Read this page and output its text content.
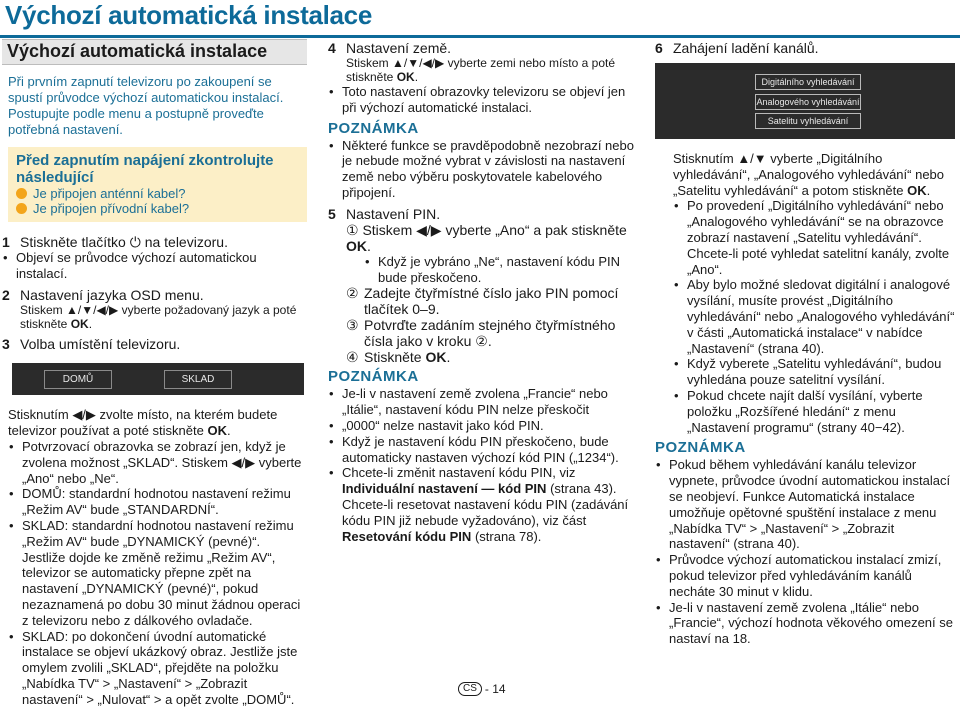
Výchozí automatická instalace
Výchozí automatická instalace
Při prvním zapnutí televizoru po zakoupení se spustí průvodce výchozí automatickou instalací. Postupujte podle menu a postupně proveďte potřebná nastavení.
Před zapnutím napájení zkontrolujte následující
Je připojen anténní kabel?
Je připojen přívodní kabel?
1 Stiskněte tlačítko ⏻ na televizoru.
• Objeví se průvodce výchozí automatickou instalací.
2 Nastavení jazyka OSD menu.
Stiskem ▲/▼/◀/▶ vyberte požadovaný jazyk a poté stiskněte OK.
3 Volba umístění televizoru.
DOMŮ	SKLAD
Stisknutím ◀/▶ zvolte místo, na kterém budete televizor používat a poté stiskněte OK.
• Potvrzovací obrazovka se zobrazí jen, když je zvolena možnost „SKLAD“. Stiskem ◀/▶ vyberte „Ano“ nebo „Ne“.
• DOMŮ: standardní hodnotou nastavení režimu „Režim AV“ bude „STANDARDNÍ“.
• SKLAD: standardní hodnotou nastavení režimu „Režim AV“ bude „DYNAMICKÝ (pevné)“. Jestliže dojde ke změně režimu „Režim AV“, televizor se automaticky přepne zpět na nastavení „DYNAMICKÝ (pevné)“, pokud nezaznamená po dobu 30 minut žádnou operaci z televizoru nebo z dálkového ovladače.
• SKLAD: po dokončení úvodní automatické instalace se objeví ukázkový obraz. Jestliže jste omylem zvolili „SKLAD“, přejděte na položku „Nabídka TV“ > „Nastavení“ > „Zobrazit nastavení“ > „Nulovat“ > a opět zvolte „DOMŮ“.
4 Nastavení země.
Stiskem ▲/▼/◀/▶ vyberte zemi nebo místo a poté stiskněte OK.
• Toto nastavení obrazovky televizoru se objeví jen při výchozí automatické instalaci.
POZNÁMKA
• Některé funkce se pravděpodobně nezobrazí nebo je nebude možné vybrat v závislosti na nastavení země nebo výběru poskytovatele kabelového připojení.
5 Nastavení PIN.
① Stiskem ◀/▶ vyberte „Ano“ a pak stiskněte OK.
• Když je vybráno „Ne“, nastavení kódu PIN bude přeskočeno.
② Zadejte čtyřmístné číslo jako PIN pomocí tlačítek 0–9.
③ Potvrďte zadáním stejného čtyřmístného čísla jako v kroku ②.
④ Stiskněte OK.
POZNÁMKA
• Je-li v nastavení země zvolena „Francie“ nebo „Itálie“, nastavení kódu PIN nelze přeskočit
• „0000“ nelze nastavit jako kód PIN.
• Když je nastavení kódu PIN přeskočeno, bude automaticky nastaven výchozí kód PIN („1234“).
• Chcete-li změnit nastavení kódu PIN, viz Individuální nastavení — kód PIN (strana 43). Chcete-li resetovat nastavení kódu PIN (zadávání kódu PIN již nebude vyžadováno), viz část Resetování kódu PIN (strana 78).
6 Zahájení ladění kanálů.
Digitálního vyhledávání
Analogového vyhledávání
Satelitu vyhledávání
Stisknutím ▲/▼ vyberte „Digitálního vyhledávání“, „Analogového vyhledávání“ nebo „Satelitu vyhledávání“ a potom stiskněte OK.
• Po provedení „Digitálního vyhledávání“ nebo „Analogového vyhledávání“ se na obrazovce zobrazí nastavení „Satelitu vyhledávání“. Chcete-li poté vyhledat satelitní kanály, zvolte „Ano“.
• Aby bylo možné sledovat digitální i analogové vysílání, musíte provést „Digitálního vyhledávání“ nebo „Analogového vyhledávání“ v části „Automatická instalace“ v nabídce „Nastavení“ (strana 40).
• Když vyberete „Satelitu vyhledávání“, budou vyhledána pouze satelitní vysílání.
• Pokud chcete najít další vysílání, vyberte položku „Rozšířené hledání“ z menu „Nastavení programu“ (strany 40−42).
POZNÁMKA
• Pokud během vyhledávání kanálu televizor vypnete, průvodce úvodní automatickou instalací se neobjeví. Funkce Automatická instalace umožňuje opětovné spuštění instalace z menu „Nabídka TV“ > „Nastavení“ > „Zobrazit nastavení“ (strana 40).
• Průvodce výchozí automatickou instalací zmizí, pokud televizor před vyhledáváním kanálů necháte 30 minut v klidu.
• Je-li v nastavení země zvolena „Itálie“ nebo „Francie“, výchozí hodnota věkového omezení se nastaví na 18.
CS - 14
